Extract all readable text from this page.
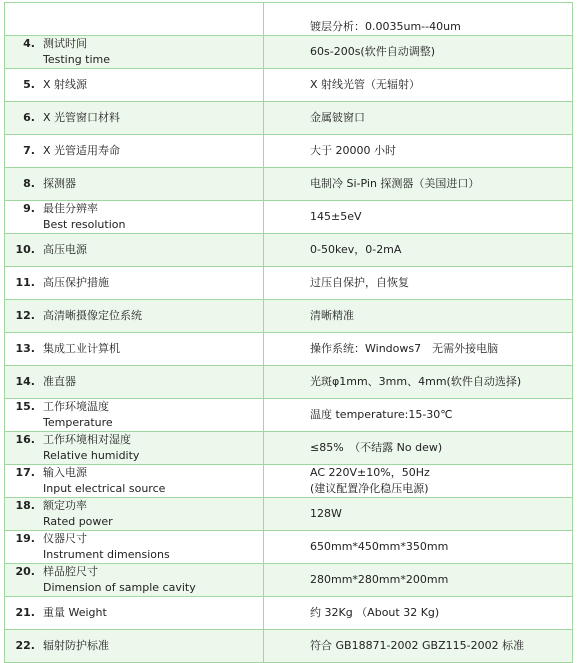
	镀层分析：0.0035um--40um

4. 测试时间
Testing time	60s-200s(软件自动调整)

5. X 射线源	X 射线光管（无辐射）

6. X 光管窗口材料	金属铍窗口

7. X 光管适用寿命	大于 20000 小时

8. 探测器	电制冷 Si-Pin 探测器（美国进口）

9. 最佳分辨率
Best resolution	145±5eV

10. 高压电源	0-50kev，0-2mA

11. 高压保护措施	过压自保护，自恢复

12. 高清晰摄像定位系统	清晰精准

13. 集成工业计算机	操作系统：Windows7　无需外接电脑

14. 准直器	光斑φ1mm、3mm、4mm(软件自动选择)

15. 工作环境温度
Temperature	温度 temperature:15-30℃

16. 工作环境相对湿度
Relative humidity	≤85%　（不结露 No dew)

17. 输入电源
Input electrical source	AC 220V±10%，50Hz
(建议配置净化稳压电源)

18. 额定功率
Rated power	128W

19. 仪器尺寸
Instrument dimensions	650mm*450mm*350mm

20. 样品腔尺寸
Dimension of sample cavity	280mm*280mm*200mm

21. 重量 Weight	约 32Kg （About 32 Kg)

22. 辐射防护标准	符合 GB18871-2002 GBZ115-2002 标准
